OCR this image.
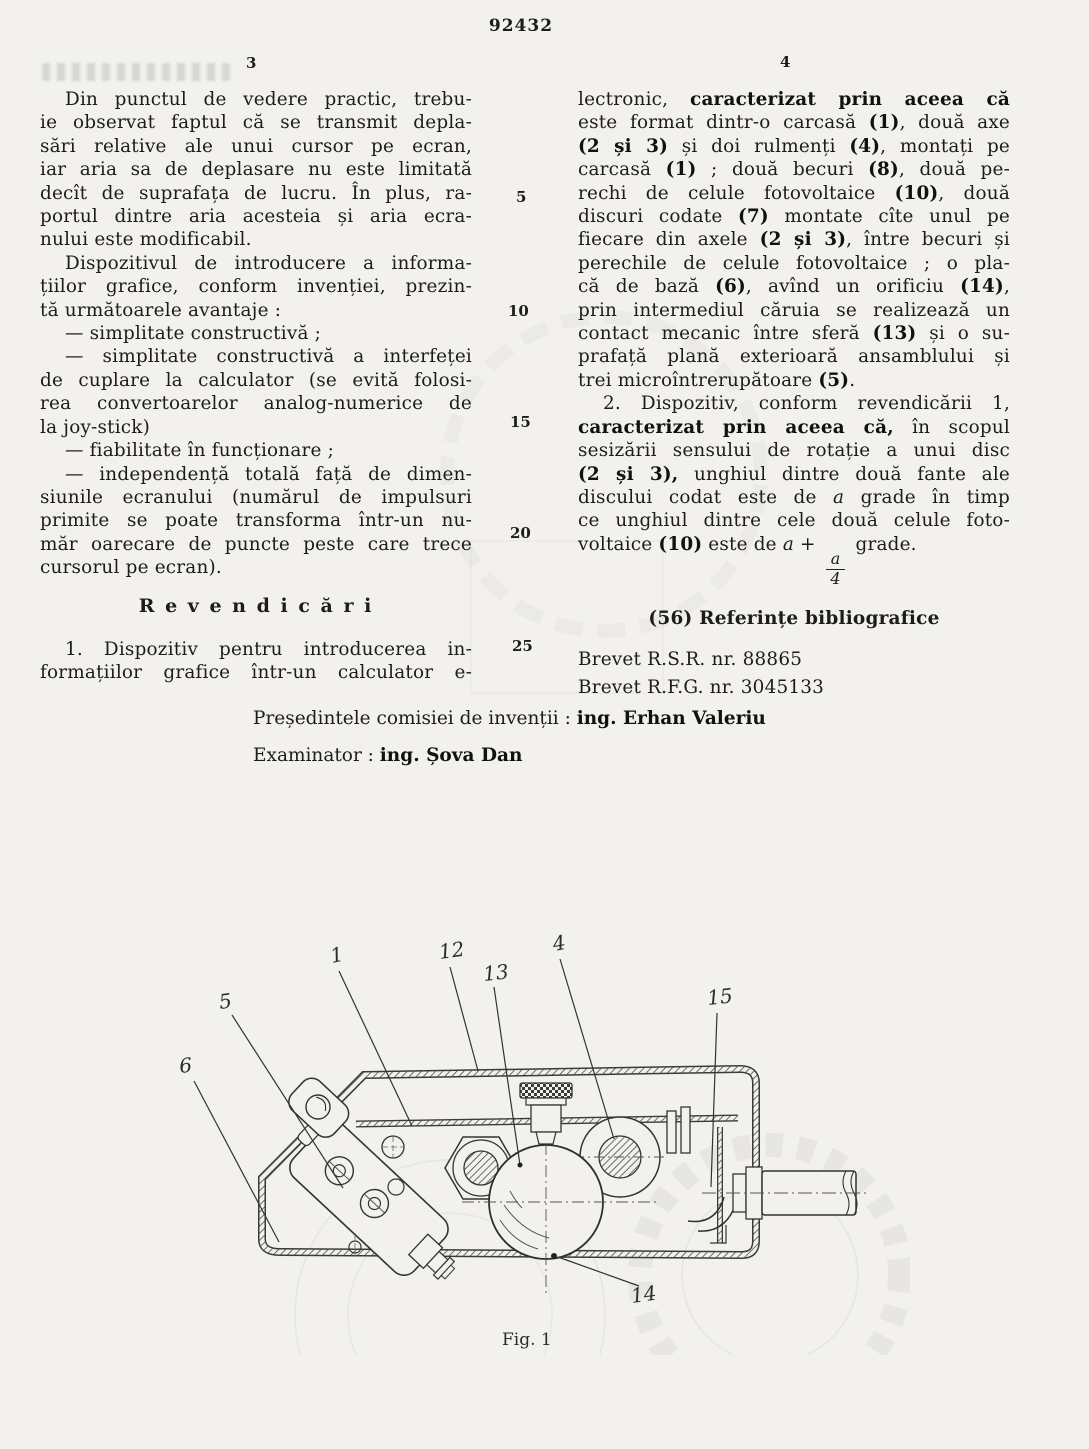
92432
3	4
5
10
15
20
25
Din punctul de vedere practic, trebu-
ie observat faptul că se transmit depla-
sări relative ale unui cursor pe ecran,
iar aria sa de deplasare nu este limitată
decît de suprafața de lucru. În plus, ra-
portul dintre aria acesteia și aria ecra-
nului este modificabil.
Dispozitivul de introducere a informa-
țiilor grafice, conform invenției, prezin-
tă următoarele avantaje :
— simplitate constructivă ;
— simplitate constructivă a interfeței
de cuplare la calculator (se evită folosi-
rea convertoarelor analog-numerice de
la joy-stick)
— fiabilitate în funcționare ;
— independență totală față de dimen-
siunile ecranului (numărul de impulsuri
primite se poate transforma într-un nu-
măr oarecare de puncte peste care trece
cursorul pe ecran).
R e v e n d i c ă r i
1. Dispozitiv pentru introducerea in-
formațiilor grafice într-un calculator e-
lectronic, caracterizat prin aceea că
este format dintr-o carcasă (1), două axe
(2 și 3) și doi rulmenți (4), montați pe
carcasă (1) ; două becuri (8), două pe-
rechi de celule fotovoltaice (10), două
discuri codate (7) montate cîte unul pe
fiecare din axele (2 și 3), între becuri și
perechile de celule fotovoltaice ; o pla-
că de bază (6), avînd un orificiu (14),
prin intermediul căruia se realizează un
contact mecanic între sferă (13) și o su-
prafață plană exterioară ansamblului și
trei microîntrerupătoare (5).
2. Dispozitiv, conform revendicării 1,
caracterizat prin aceea că, în scopul
sesizării sensului de rotație a unui disc
(2 și 3), unghiul dintre două fante ale
discului codat este de a grade în timp
ce unghiul dintre cele două celule foto-
voltaice (10) este de a +
$\frac{a}{4}$
grade.
(56) Referințe bibliografice
Brevet R.S.R. nr. 88865
Brevet R.F.G. nr. 3045133
Președintele comisiei de invenții : ing. Erhan Valeriu
Examinator : ing. Șova Dan
5
6
1	12
13
4
15
14
Fig. 1
